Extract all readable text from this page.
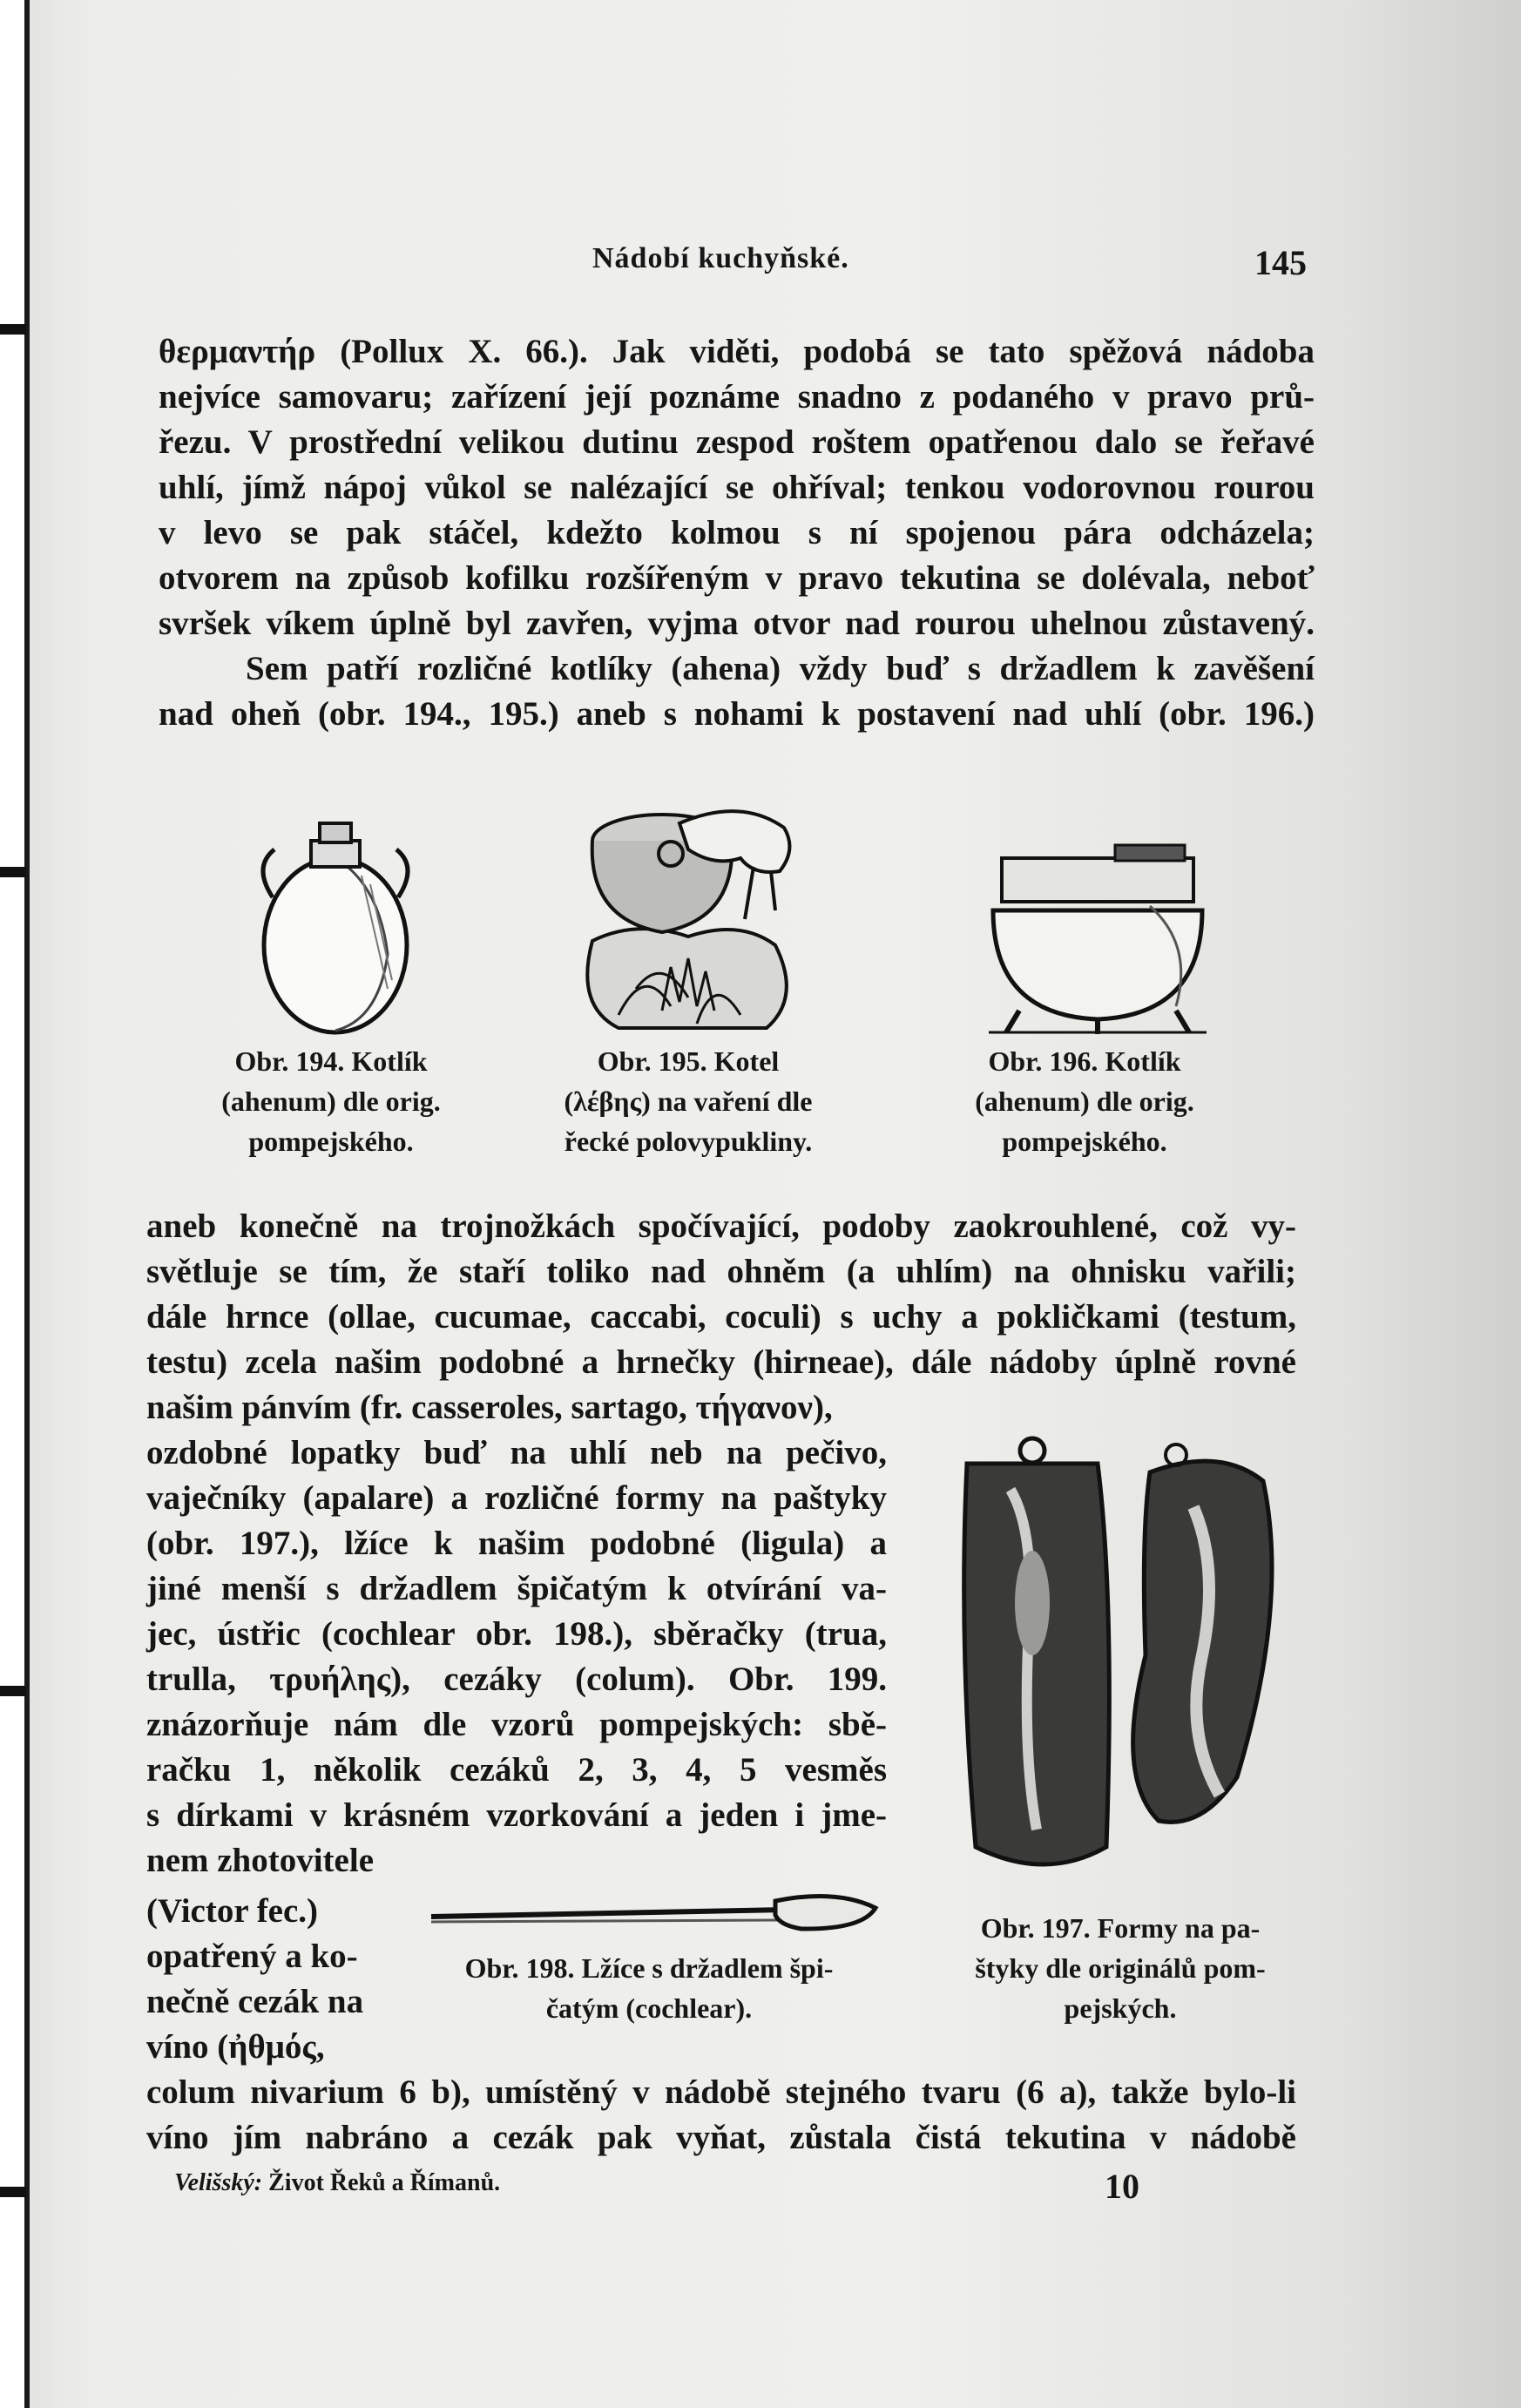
Nádobí kuchyňské.	145
θερμαντήρ (Pollux X. 66.). Jak viděti, podobá se tato spěžová nádoba
nejvíce samovaru; zařízení její poznáme snadno z podaného v pravo prů-
řezu. V prostřední velikou dutinu zespod roštem opatřenou dalo se řeřavé
uhlí, jímž nápoj vůkol se nalézající se ohříval; tenkou vodorovnou rourou
v levo se pak stáčel, kdežto kolmou s ní spojenou pára odcházela;
otvorem na způsob kofilku rozšířeným v pravo tekutina se dolévala, neboť
svršek víkem úplně byl zavřen, vyjma otvor nad rourou uhelnou zůstavený.
Sem patří rozličné kotlíky (ahena) vždy buď s držadlem k zavěšení
nad oheň (obr. 194., 195.) aneb s nohami k postavení nad uhlí (obr. 196.)
Obr. 194. Kotlík
(ahenum) dle orig.
pompejského.
Obr. 195. Kotel
(λέβης) na vaření dle
řecké polovypukliny.
Obr. 196. Kotlík
(ahenum) dle orig.
pompejského.
aneb konečně na trojnožkách spočívající, podoby zaokrouhlené, což vy-
světluje se tím, že staří toliko nad ohněm (a uhlím) na ohnisku vařili;
dále hrnce (ollae, cucumae, caccabi, coculi) s uchy a pokličkami (testum,
testu) zcela našim podobné a hrnečky (hirneae), dále nádoby úplně rovné
našim pánvím (fr. casseroles, sartago, τήγανον),
ozdobné lopatky buď na uhlí neb na pečivo,
vaječníky (apalare) a rozličné formy na paštyky
(obr. 197.), lžíce k našim podobné (ligula) a
jiné menší s držadlem špičatým k otvírání va-
jec, ústřic (cochlear obr. 198.), sběračky (trua,
trulla, τρυήλης), cezáky (colum). Obr. 199.
znázorňuje nám dle vzorů pompejských: sbě-
račku 1, několik cezáků 2, 3, 4, 5 vesměs
s dírkami v krásném vzorkování a jeden i jme-
nem zhotovitele
Obr. 197. Formy na pa-
štyky dle originálů pom-
pejských.
(Victor fec.)
opatřený a ko-
nečně cezák na
víno (ἠθμός,
Obr. 198. Lžíce s držadlem špi-
čatým (cochlear).
colum nivarium 6 b), umístěný v nádobě stejného tvaru (6 a), takže bylo-li
víno jím nabráno a cezák pak vyňat, zůstala čistá tekutina v nádobě
Velišský: Život Řeků a Římanů.	10
